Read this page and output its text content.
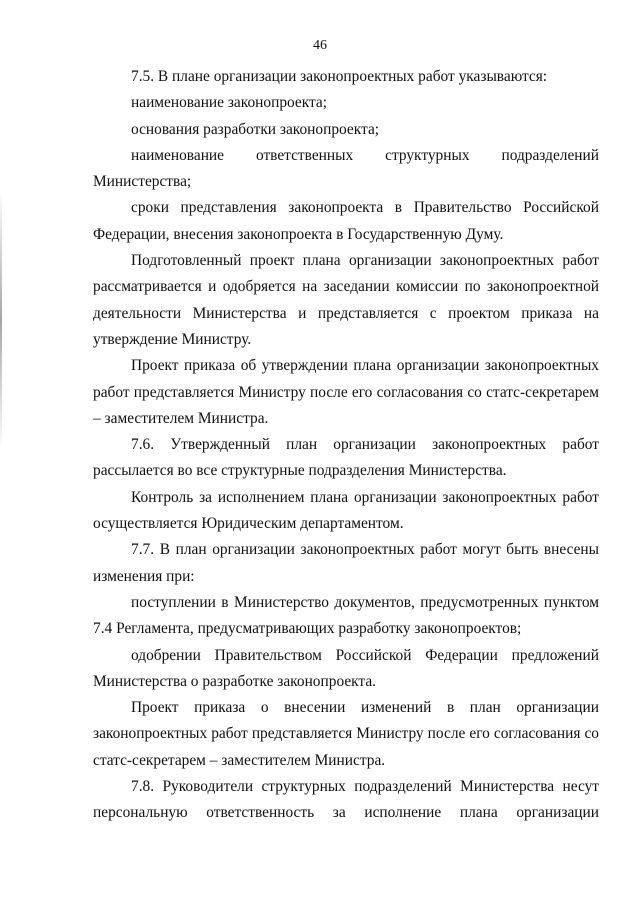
46

7.5. В плане организации законопроектных работ указываются:

наименование законопроекта;

основания разработки законопроекта;

наименование ответственных структурных подразделений Министерства;

сроки представления законопроекта в Правительство Российской Федерации, внесения законопроекта в Государственную Думу.

Подготовленный проект плана организации законопроектных работ рассматривается и одобряется на заседании комиссии по законопроектной деятельности Министерства и представляется с проектом приказа на утверждение Министру.

Проект приказа об утверждении плана организации законопроектных работ представляется Министру после его согласования со статс-секретарем – заместителем Министра.

7.6. Утвержденный план организации законопроектных работ рассылается во все структурные подразделения Министерства.

Контроль за исполнением плана организации законопроектных работ осуществляется Юридическим департаментом.

7.7. В план организации законопроектных работ могут быть внесены изменения при:

поступлении в Министерство документов, предусмотренных пунктом 7.4 Регламента, предусматривающих разработку законопроектов;

одобрении Правительством Российской Федерации предложений Министерства о разработке законопроекта.

Проект приказа о внесении изменений в план организации законопроектных работ представляется Министру после его согласования со статс-секретарем – заместителем Министра.

7.8. Руководители структурных подразделений Министерства несут персональную ответственность за исполнение плана организации
